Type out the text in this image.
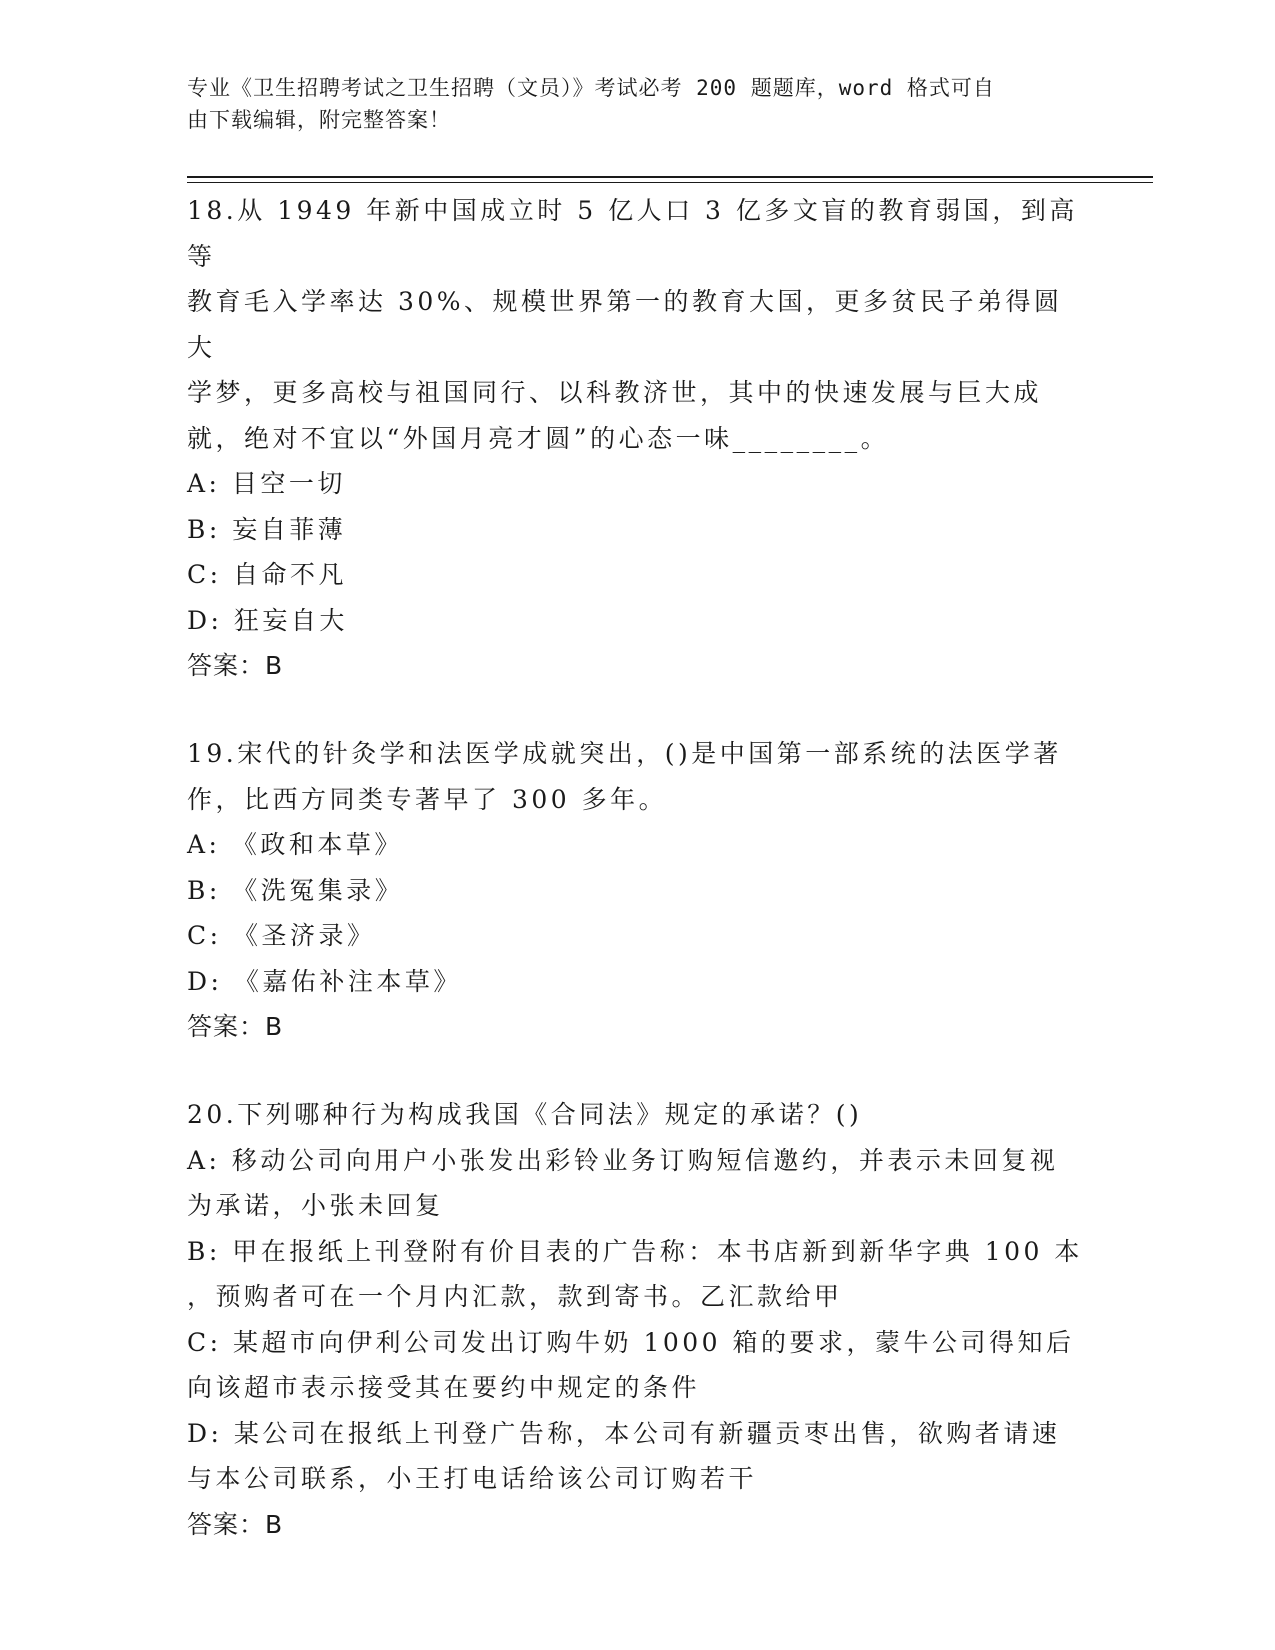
专业《卫生招聘考试之卫生招聘（文员）》考试必考 200 题题库，word 格式可自
由下载编辑，附完整答案！

18.从 1949 年新中国成立时 5 亿人口 3 亿多文盲的教育弱国，到高等

教育毛入学率达 30%、规模世界第一的教育大国，更多贫民子弟得圆大

学梦，更多高校与祖国同行、以科教济世，其中的快速发展与巨大成

就，绝对不宜以“外国月亮才圆”的心态一味________。

A: 目空一切

B: 妄自菲薄

C: 自命不凡

D: 狂妄自大

答案：B

19.宋代的针灸学和法医学成就突出，()是中国第一部系统的法医学著

作，比西方同类专著早了 300 多年。

A: 《政和本草》

B: 《洗冤集录》

C: 《圣济录》

D: 《嘉佑补注本草》

答案：B

20.下列哪种行为构成我国《合同法》规定的承诺？()

A: 移动公司向用户小张发出彩铃业务订购短信邀约，并表示未回复视

为承诺，小张未回复

B: 甲在报纸上刊登附有价目表的广告称：本书店新到新华字典 100 本

，预购者可在一个月内汇款，款到寄书。乙汇款给甲

C: 某超市向伊利公司发出订购牛奶 1000 箱的要求，蒙牛公司得知后

向该超市表示接受其在要约中规定的条件

D: 某公司在报纸上刊登广告称，本公司有新疆贡枣出售，欲购者请速

与本公司联系，小王打电话给该公司订购若干

答案：B
